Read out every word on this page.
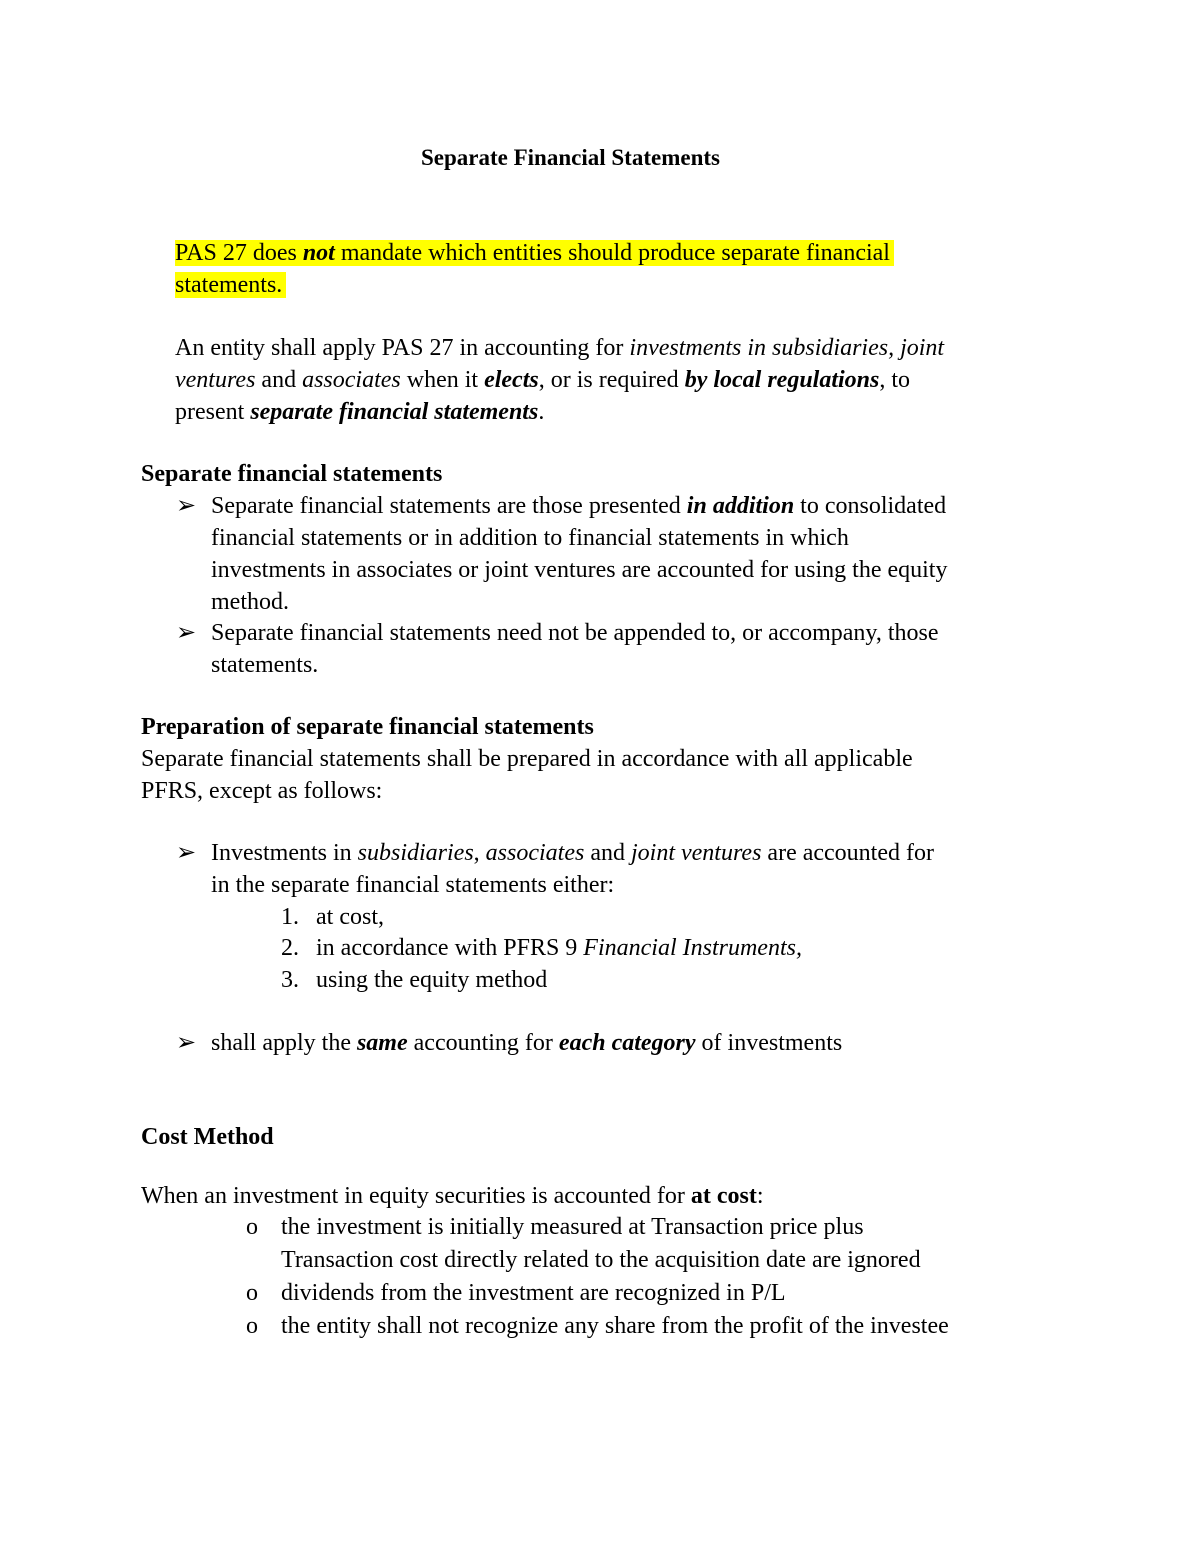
Separate Financial Statements
PAS 27 does not mandate which entities should produce separate financial
statements.
An entity shall apply PAS 27 in accounting for investments in subsidiaries, joint
ventures and associates when it elects, or is required by local regulations, to
present separate financial statements.
Separate financial statements
➢ Separate financial statements are those presented in addition to consolidated
financial statements or in addition to financial statements in which
investments in associates or joint ventures are accounted for using the equity
method.
➢ Separate financial statements need not be appended to, or accompany, those
statements.
Preparation of separate financial statements
Separate financial statements shall be prepared in accordance with all applicable
PFRS, except as follows:
➢ Investments in subsidiaries, associates and joint ventures are accounted for
in the separate financial statements either:
1. at cost,
2. in accordance with PFRS 9 Financial Instruments,
3. using the equity method
➢ shall apply the same accounting for each category of investments
Cost Method
When an investment in equity securities is accounted for at cost:
o the investment is initially measured at Transaction price plus
Transaction cost directly related to the acquisition date are ignored
o dividends from the investment are recognized in P/L
o the entity shall not recognize any share from the profit of the investee
